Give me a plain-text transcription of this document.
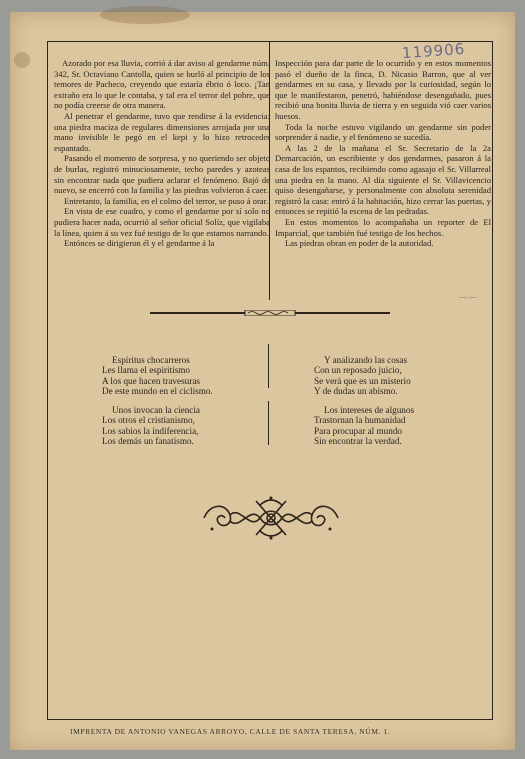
119906
—:—:—

Azorado por esa lluvia, corrió á dar aviso al gendarme núm. 342, Sr. Octaviano Cantolla, quien se burló al principio de los temores de Pacheco, creyendo que estaría ébrio ó loco. ¡Tan extraño era lo que le contaba, y tal era el terror del pobre, que no podía creerse de otra manera.

Al penetrar el gendarme, tuvo que rendirse á la evidencia: una piedra maciza de regulares dimensiones arrojada por una mano invisible le pegó en el kepi y lo hizo retroceder espantado.

Pasando el momento de sorpresa, y no queriendo ser objeto de burlas, registró minuciosamente, techo paredes y azoteas sin encontrar nada que pudiera aclarar el fenómeno. Bajó de nuevo, se encerró con la familia y las piedras volvieron á caer.

Entretanto, la familia, en el colmo del terror, se puso á orar.

En vista de ese cuadro, y como el gendarme por sí solo no pudiera hacer nada, ocurrió al señor oficial Solíz, que vigilaba la línea, quien á su vez fué testigo de lo que estamos narrando.

Entónces se dirigieron él y el gendarme á la

Inspección para dar parte de lo ocurrido y en estos momentos pasó el dueño de la finca, D. Nicasio Barron, que al ver gendarmes en su casa, y llevado por la curiosidad, según lo que le manifestaron, penetró, habiéndose desengañado, pues recibió una bonita lluvia de tierra y en seguida vió caer varios huesos.

Toda la noche estuvo vigilando un gendarme sin poder sorprender á nadie, y el fenómeno se sucedía.

A las 2 de la mañana el Sr. Secretario de la 2a Demarcación, un escribiente y dos gendarmes, pasaron á la casa de los espantos, recibiendo como agasajo el Sr. Villarreal una piedra en la mano. Al día siguiente el Sr. Villavicencio quiso desengañarse, y personalmente con absoluta serenidad registró la casa: entró á la habitación, hizo cerrar las puertas, y entonces se repitió la escena de las pedradas.

En estos momentos lo acompañaba un reporter de El Imparcial, que también fué testigo de los hechos.

Las piedras obran en poder de la autoridad.

Espíritus chocarreros
Les llama el espiritismo
A los que hacen travesuras
De este mundo en el ciclismo.
Unos invocan la ciencia
Los otros el cristianismo,
Los sabios la indiferencia,
Los demás un fanatismo.
Y analizando las cosas
Con un reposado juicio,
Se verá que es un misterio
Y de dudas un abismo.
Los intereses de algunos
Trastornan la humanidad
Para procupar al mundo
Sin encontrar la verdad.
IMPRENTA DE ANTONIO VANEGAS ARROYO, CALLE DE SANTA TERESA, NÚM. 1.
